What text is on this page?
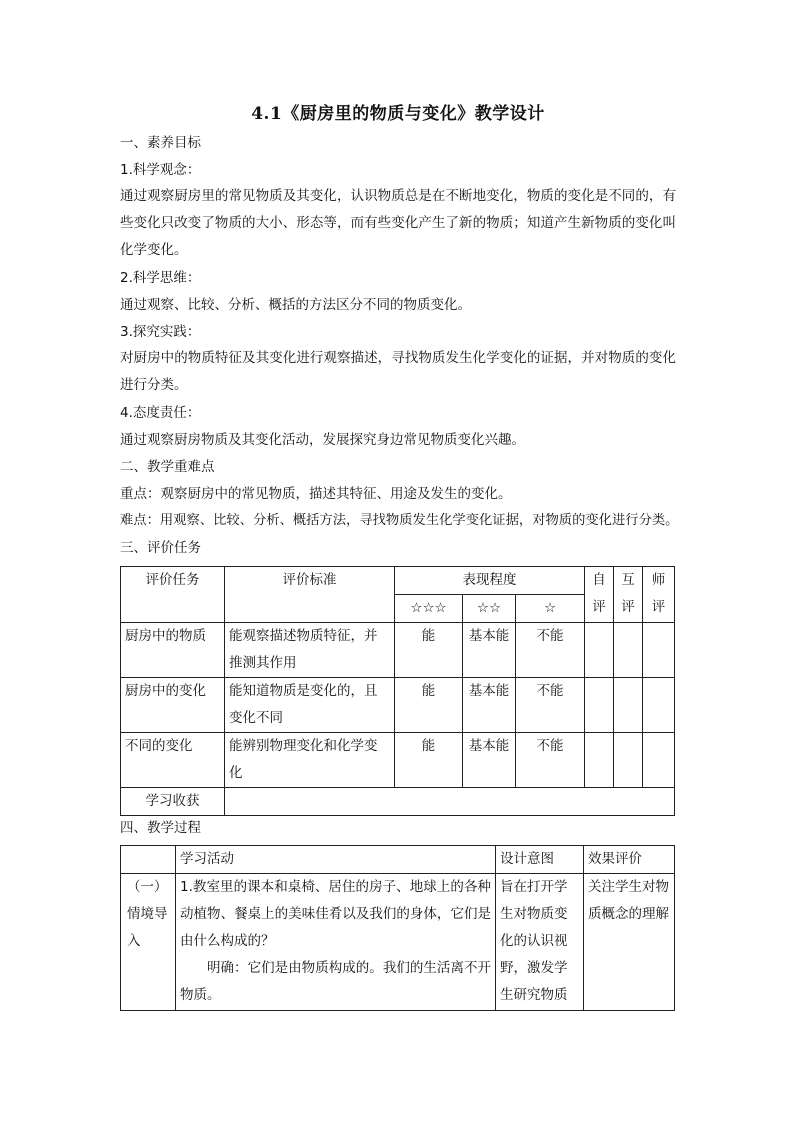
4.1《厨房里的物质与变化》教学设计
一、素养目标
1.科学观念：
通过观察厨房里的常见物质及其变化，认识物质总是在不断地变化，物质的变化是不同的，有些变化只改变了物质的大小、形态等，而有些变化产生了新的物质；知道产生新物质的变化叫化学变化。
2.科学思维：
通过观察、比较、分析、概括的方法区分不同的物质变化。
3.探究实践：
对厨房中的物质特征及其变化进行观察描述，寻找物质发生化学变化的证据，并对物质的变化进行分类。
4.态度责任：
通过观察厨房物质及其变化活动，发展探究身边常见物质变化兴趣。
二、教学重难点
重点：观察厨房中的常见物质，描述其特征、用途及发生的变化。
难点：用观察、比较、分析、概括方法，寻找物质发生化学变化证据，对物质的变化进行分类。
三、评价任务
评价任务	评价标准	表现程度			自评	互评	师评
		☆☆☆	☆☆	☆			
厨房中的物质	能观察描述物质特征，并推测其作用	能	基本能	不能			
厨房中的变化	能知道物质是变化的，且变化不同	能	基本能	不能			
不同的变化	能辨别物理变化和化学变化	能	基本能	不能			
学习收获							
四、教学过程
	学习活动	设计意图	效果评价
（一）情境导入	1.教室里的课本和桌椅、居住的房子、地球上的各种动植物、餐桌上的美味佳肴以及我们的身体，它们是由什么构成的？
明确：它们是由物质构成的。我们的生活离不开物质。	旨在打开学生对物质变化的认识视野，激发学生研究物质	关注学生对物质概念的理解
